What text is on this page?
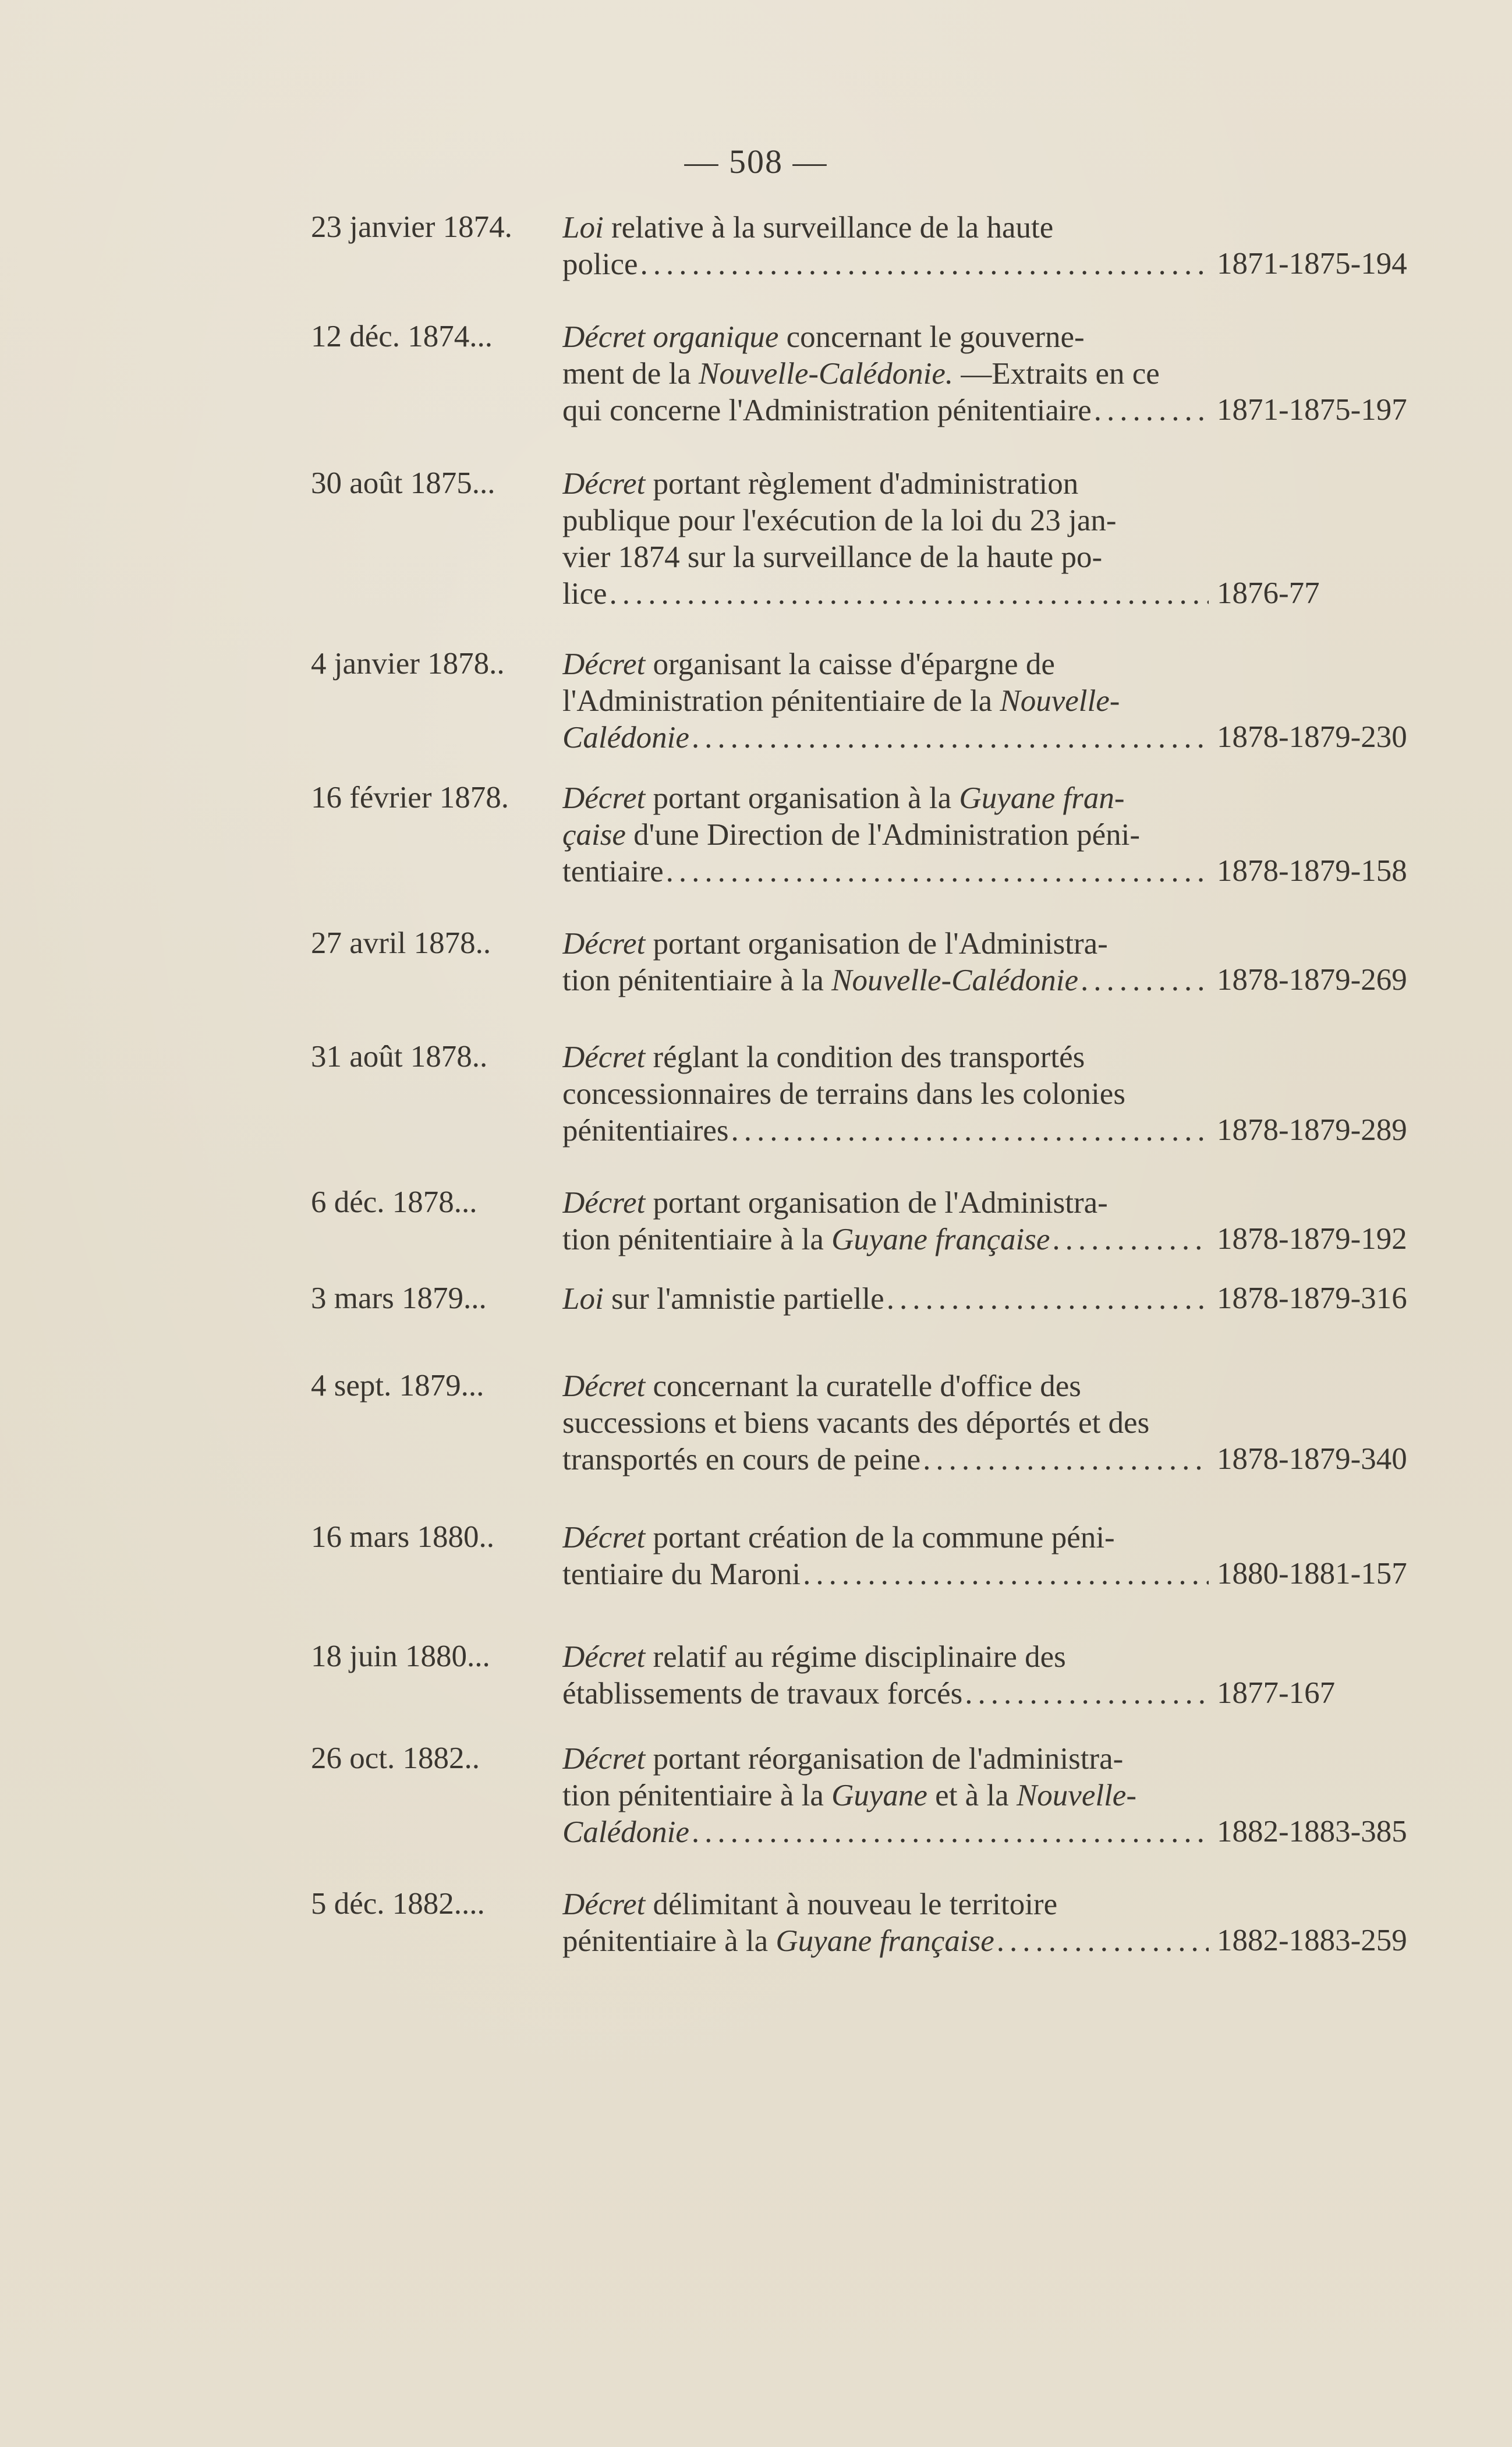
— 508 —
23 janvier 1874. Loi relative à la surveillance de la haute
police .....	1871-1875-194
12 déc. 1874... Décret organique concernant le gouverne-
ment de la Nouvelle-Calédonie. —Extraits en ce
qui concerne l'Administration pénitentiaire .....	1871-1875-197
30 août 1875... Décret portant règlement d'administration
publique pour l'exécution de la loi du 23 jan-
vier 1874 sur la surveillance de la haute po-
lice .....	1876-77
4 janvier 1878.. Décret organisant la caisse d'épargne de
l'Administration pénitentiaire de la Nouvelle-
Calédonie .....	1878-1879-230
16 février 1878. Décret portant organisation à la Guyane fran-
çaise d'une Direction de l'Administration péni-
tentiaire .....	1878-1879-158
27 avril 1878.. Décret portant organisation de l'Administra-
tion pénitentiaire à la Nouvelle-Calédonie .....	1878-1879-269
31 août 1878.. Décret réglant la condition des transportés
concessionnaires de terrains dans les colonies
pénitentiaires .....	1878-1879-289
6 déc. 1878...	Décret portant organisation de l'Administra-
tion pénitentiaire à la Guyane française .....	1878-1879-192
3 mars 1879... Loi sur l'amnistie partielle .....	1878-1879-316
4 sept. 1879...	Décret concernant la curatelle d'office des
successions et biens vacants des déportés et des
transportés en cours de peine .....	1878-1879-340
16 mars 1880.. Décret portant création de la commune péni-
tentiaire du Maroni .....	1880-1881-157
18 juin 1880... Décret relatif au régime disciplinaire des
établissements de travaux forcés .....	1877-167
26 oct. 1882..	Décret portant réorganisation de l'administra-
tion pénitentiaire à la Guyane et à la Nouvelle-
Calédonie .....	1882-1883-385
5 déc. 1882....	Décret délimitant à nouveau le territoire
pénitentiaire à la Guyane française .....	1882-1883-259
